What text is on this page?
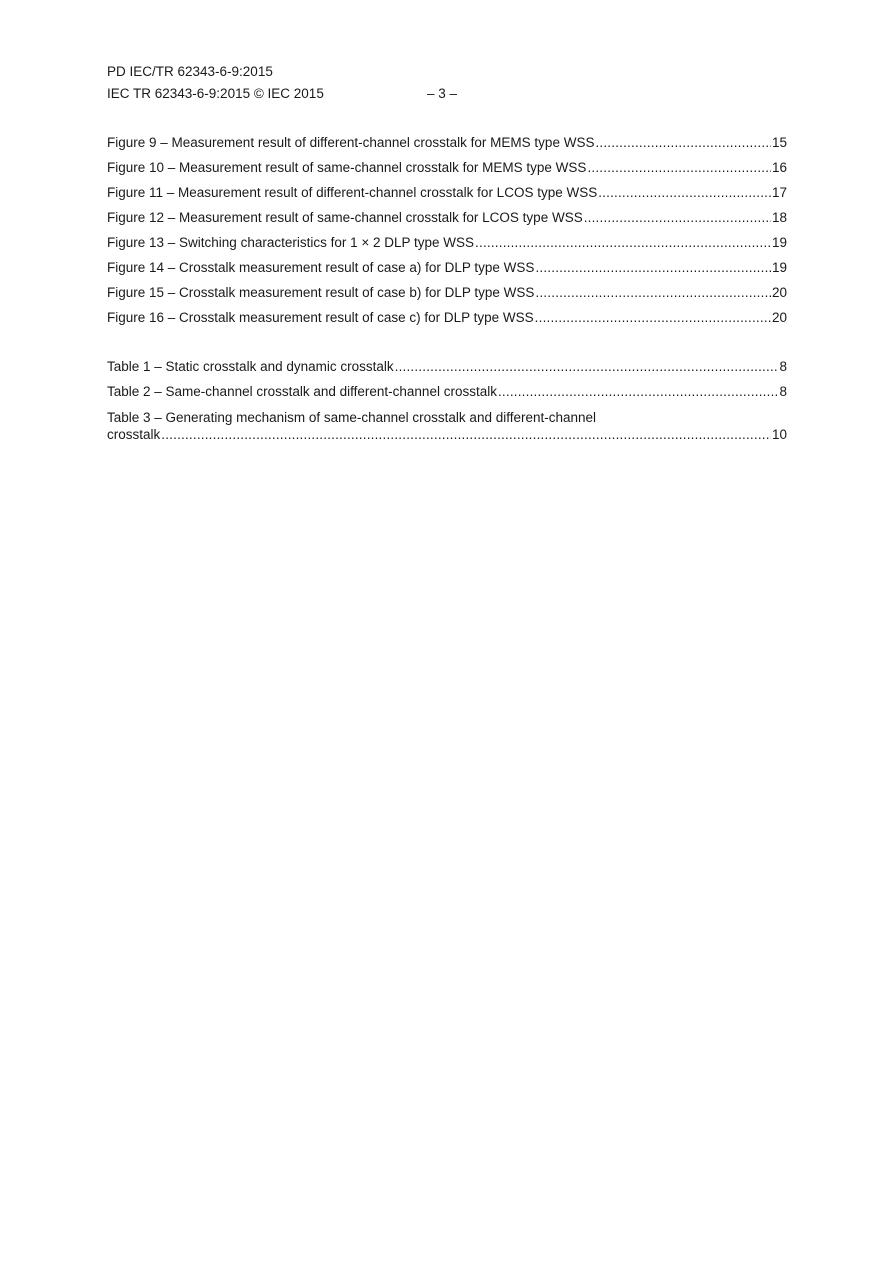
PD IEC/TR 62343-6-9:2015
IEC TR 62343-6-9:2015 © IEC 2015	– 3 –
Figure 9 – Measurement result of different-channel crosstalk for MEMS type WSS .....	15
Figure 10 – Measurement result of same-channel crosstalk for MEMS type WSS .....	16
Figure 11 – Measurement result of different-channel crosstalk for LCOS type WSS .....	17
Figure 12 – Measurement result of same-channel crosstalk for LCOS type WSS .....	18
Figure 13 – Switching characteristics for 1 × 2 DLP type WSS .....	19
Figure 14 – Crosstalk measurement result of case a) for DLP type WSS .....	19
Figure 15 – Crosstalk measurement result of case b) for DLP type WSS .....	20
Figure 16 – Crosstalk measurement result of case c) for DLP type WSS .....	20
Table 1 – Static crosstalk and dynamic crosstalk .....	8
Table 2 – Same-channel crosstalk and different-channel crosstalk .....	8
Table 3 – Generating mechanism of same-channel crosstalk and different-channel
crosstalk .....	10
